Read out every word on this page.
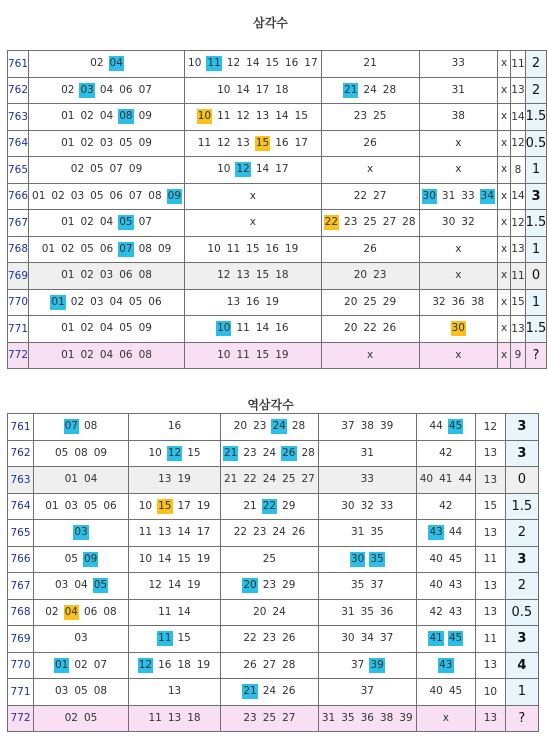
삼각수
761	02 04	10 11 12 14 15 16 17	21	33	x	11	2
762	02 03 04 06 07	10 14 17 18	21 24 28	31	x	13	2
763	01 02 04 08 09	10 11 12 13 14 15	23 25	38	x	14	1.5
764	01 02 03 05 09	11 12 13 15 16 17	26	x	x	12	0.5
765	02 05 07 09	10 12 14 17	x	x	x	8	1
766	01 02 03 05 06 07 08 09	x	22 27	30 31 33 34	x	14	3
767	01 02 04 05 07	x	22 23 25 27 28	30 32	x	12	1.5
768	01 02 05 06 07 08 09	10 11 15 16 19	26	x	x	13	1
769	01 02 03 06 08	12 13 15 18	20 23	x	x	11	0
770	01 02 03 04 05 06	13 16 19	20 25 29	32 36 38	x	15	1
771	01 02 04 05 09	10 11 14 16	20 22 26	30	x	13	1.5
772	01 02 04 06 08	10 11 15 19	x	x	x	9	?
역삼각수
761	07 08	16	20 23 24 28	37 38 39	44 45	12	3
762	05 08 09	10 12 15	21 23 24 26 28	31	42	13	3
763	01 04	13 19	21 22 24 25 27	33	40 41 44	13	0
764	01 03 05 06	10 15 17 19	21 22 29	30 32 33	42	15	1.5
765	03	11 13 14 17	22 23 24 26	31 35	43 44	13	2
766	05 09	10 14 15 19	25	30 35	40 45	11	3
767	03 04 05	12 14 19	20 23 29	35 37	40 43	13	2
768	02 04 06 08	11 14	20 24	31 35 36	42 43	13	0.5
769	03	11 15	22 23 26	30 34 37	41 45	11	3
770	01 02 07	12 16 18 19	26 27 28	37 39	43	13	4
771	03 05 08	13	21 24 26	37	40 45	10	1
772	02 05	11 13 18	23 25 27	31 35 36 38 39	x	13	?
